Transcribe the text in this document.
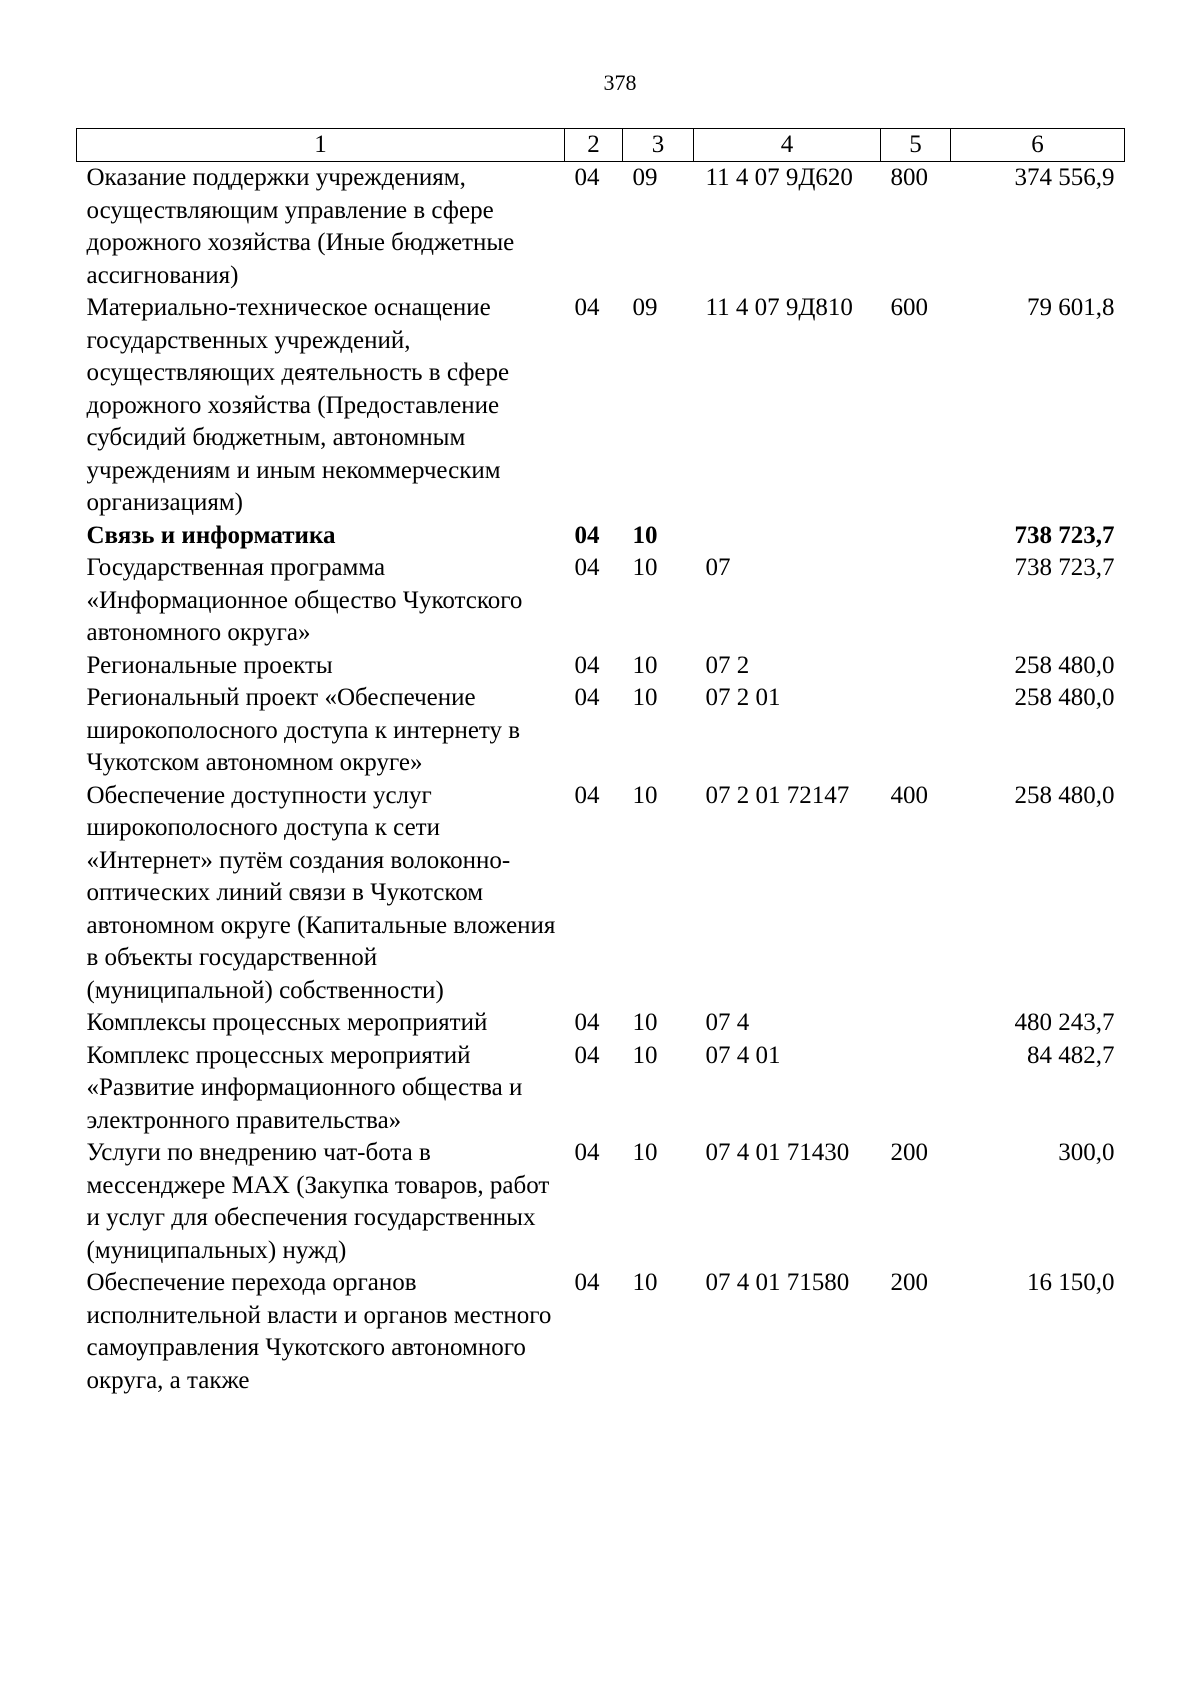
378
1	2	3	4	5	6
Оказание поддержки учреждениям, осуществляющим управление в сфере дорожного хозяйства (Иные бюджетные ассигнования)	04	09	11 4 07 9Д620	800	374 556,9
Материально-техническое оснащение государственных учреждений, осуществляющих деятельность в сфере дорожного хозяйства (Предоставление субсидий бюджетным, автономным учреждениям и иным некоммерческим организациям)	04	09	11 4 07 9Д810	600	79 601,8
Связь и информатика	04	10			738 723,7
Государственная программа «Информационное общество Чукотского автономного округа»	04	10	07		738 723,7
Региональные проекты	04	10	07 2		258 480,0
Региональный проект «Обеспечение широкополосного доступа к интернету в Чукотском автономном округе»	04	10	07 2 01		258 480,0
Обеспечение доступности услуг широкополосного доступа к сети «Интернет» путём создания волоконно-оптических линий связи в Чукотском автономном округе (Капитальные вложения в объекты государственной (муниципальной) собственности)	04	10	07 2 01 72147	400	258 480,0
Комплексы процессных мероприятий	04	10	07 4		480 243,7
Комплекс процессных мероприятий «Развитие информационного общества и электронного правительства»	04	10	07 4 01		84 482,7
Услуги по внедрению чат-бота в мессенджере MAX (Закупка товаров, работ и услуг для обеспечения государственных (муниципальных) нужд)	04	10	07 4 01 71430	200	300,0
Обеспечение перехода органов исполнительной власти и органов местного самоуправления Чукотского автономного округа, а также	04	10	07 4 01 71580	200	16 150,0
